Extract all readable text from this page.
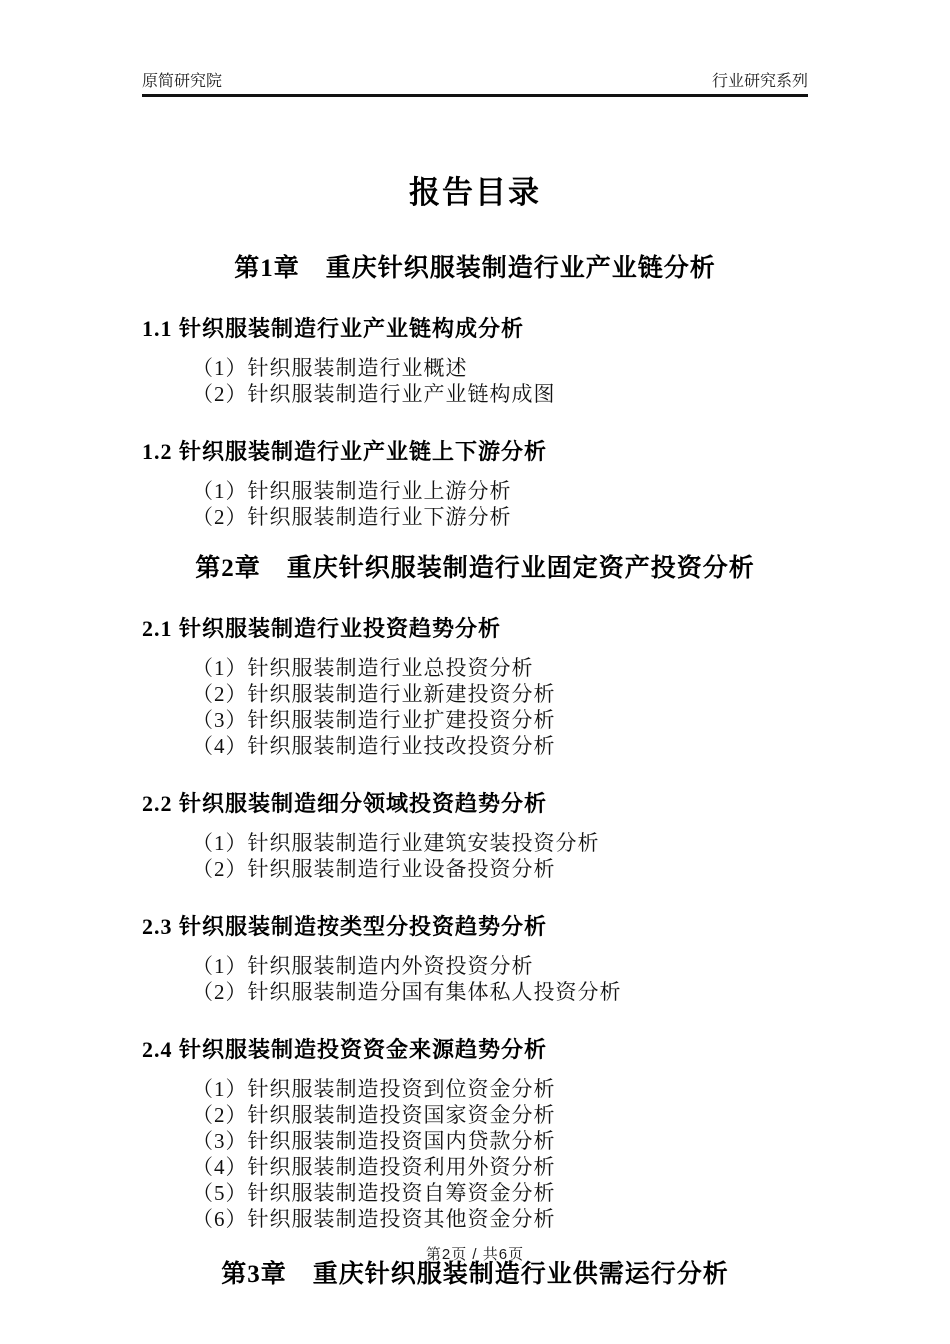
原简研究院	行业研究系列
报告目录
第1章　重庆针织服装制造行业产业链分析
1.1 针织服装制造行业产业链构成分析
（1）针织服装制造行业概述
（2）针织服装制造行业产业链构成图
1.2 针织服装制造行业产业链上下游分析
（1）针织服装制造行业上游分析
（2）针织服装制造行业下游分析
第2章　重庆针织服装制造行业固定资产投资分析
2.1 针织服装制造行业投资趋势分析
（1）针织服装制造行业总投资分析
（2）针织服装制造行业新建投资分析
（3）针织服装制造行业扩建投资分析
（4）针织服装制造行业技改投资分析
2.2 针织服装制造细分领域投资趋势分析
（1）针织服装制造行业建筑安装投资分析
（2）针织服装制造行业设备投资分析
2.3 针织服装制造按类型分投资趋势分析
（1）针织服装制造内外资投资分析
（2）针织服装制造分国有集体私人投资分析
2.4 针织服装制造投资资金来源趋势分析
（1）针织服装制造投资到位资金分析
（2）针织服装制造投资国家资金分析
（3）针织服装制造投资国内贷款分析
（4）针织服装制造投资利用外资分析
（5）针织服装制造投资自筹资金分析
（6）针织服装制造投资其他资金分析
第3章　重庆针织服装制造行业供需运行分析
第2页 / 共6页
